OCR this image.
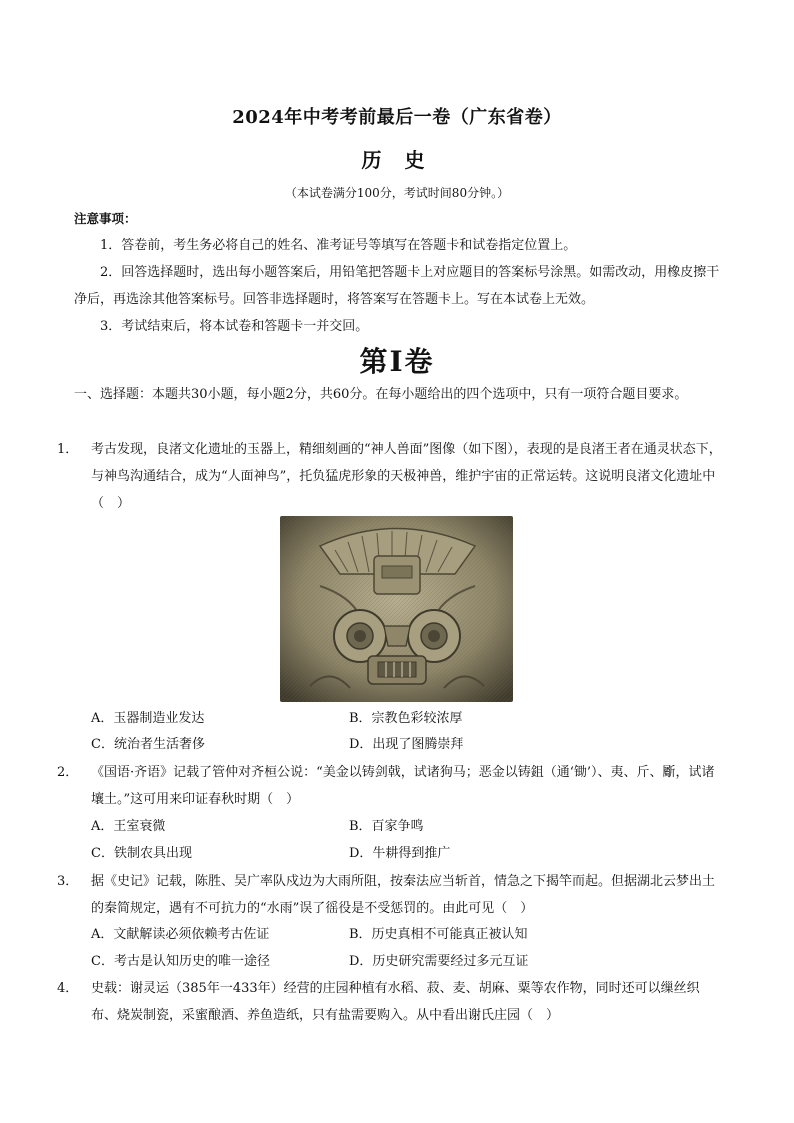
2024年中考考前最后一卷（广东省卷）
历 史
（本试卷满分100分，考试时间80分钟。）
注意事项：
1．答卷前，考生务必将自己的姓名、准考证号等填写在答题卡和试卷指定位置上。
2．回答选择题时，选出每小题答案后，用铅笔把答题卡上对应题目的答案标号涂黑。如需改动，用橡皮擦干净后，再选涂其他答案标号。回答非选择题时，将答案写在答题卡上。写在本试卷上无效。
3．考试结束后，将本试卷和答题卡一并交回。
第I卷
一、选择题：本题共30小题，每小题2分，共60分。在每小题给出的四个选项中，只有一项符合题目要求。
1． 考古发现，良渚文化遗址的玉器上，精细刻画的“神人兽面”图像（如下图），表现的是良渚王者在通灵状态下，与神鸟沟通结合，成为“人面神鸟”，托负猛虎形象的天极神兽，维护宇宙的正常运转。这说明良渚文化遗址中（　）
A．玉器制造业发达	B．宗教色彩较浓厚
C．统治者生活奢侈	D．出现了图腾崇拜
2． 《国语·齐语》记载了管仲对齐桓公说：“美金以铸剑戟，试诸狗马；恶金以铸鉏（通‘锄’）、夷、斤、斸，试诸壤土。”这可用来印证春秋时期（　）
A．王室衰微	B．百家争鸣
C．铁制农具出现	D．牛耕得到推广
3． 据《史记》记载，陈胜、吴广率队戍边为大雨所阻，按秦法应当斩首，情急之下揭竿而起。但据湖北云梦出土的秦简规定，遇有不可抗力的“水雨”误了徭役是不受惩罚的。由此可见（　）
A．文献解读必须依赖考古佐证	B．历史真相不可能真正被认知
C．考古是认知历史的唯一途径	D．历史研究需要经过多元互证
4． 史载：谢灵运（385年一433年）经营的庄园种植有水稻、菽、麦、胡麻、粟等农作物，同时还可以缫丝织布、烧炭制瓷，采蜜酿酒、养鱼造纸，只有盐需要购入。从中看出谢氏庄园（　）
